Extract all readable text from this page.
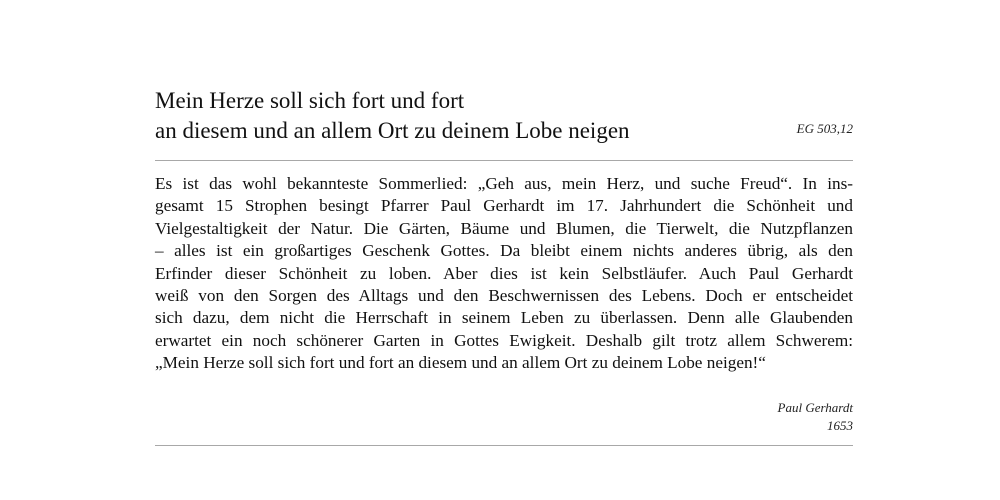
Mein Herze soll sich fort und fort
an diesem und an allem Ort zu deinem Lobe neigen	EG 503,12
Es ist das wohl bekannteste Sommerlied: „Geh aus, mein Herz, und suche Freud“. In ins-
gesamt 15 Strophen besingt Pfarrer Paul Gerhardt im 17. Jahrhundert die Schönheit und
Vielgestaltigkeit der Natur. Die Gärten, Bäume und Blumen, die Tierwelt, die Nutzpflanzen
– alles ist ein großartiges Geschenk Gottes. Da bleibt einem nichts anderes übrig, als den
Erfinder dieser Schönheit zu loben. Aber dies ist kein Selbstläufer. Auch Paul Gerhardt
weiß von den Sorgen des Alltags und den Beschwernissen des Lebens. Doch er entscheidet
sich dazu, dem nicht die Herrschaft in seinem Leben zu überlassen. Denn alle Glaubenden
erwartet ein noch schönerer Garten in Gottes Ewigkeit. Deshalb gilt trotz allem Schwerem:
„Mein Herze soll sich fort und fort an diesem und an allem Ort zu deinem Lobe neigen!“
Paul Gerhardt
1653
